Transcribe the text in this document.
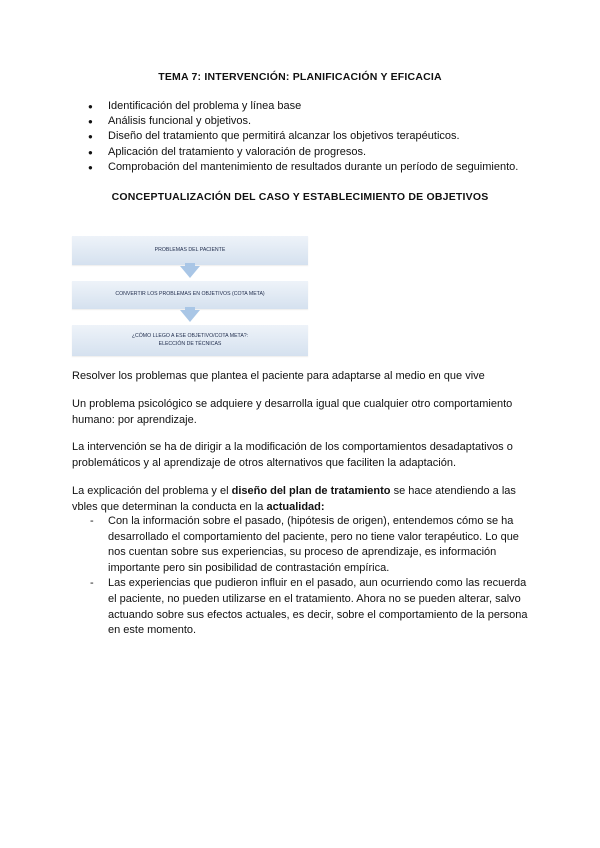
TEMA 7: INTERVENCIÓN: PLANIFICACIÓN Y EFICACIA
● Identificación del problema y línea base
● Análisis funcional y objetivos.
● Diseño del tratamiento que permitirá alcanzar los objetivos terapéuticos.
● Aplicación del tratamiento y valoración de progresos.
● Comprobación del mantenimiento de resultados durante un período de seguimiento.
CONCEPTUALIZACIÓN DEL CASO Y ESTABLECIMIENTO DE OBJETIVOS
PROBLEMAS DEL PACIENTE
CONVERTIR LOS PROBLEMAS EN OBJETIVOS (COTA META)
¿CÓMO LLEGO A ESE OBJETIVO/COTA META?:
ELECCIÓN DE TÉCNICAS

Resolver los problemas que plantea el paciente para adaptarse al medio en que vive

Un problema psicológico se adquiere y desarrolla igual que cualquier otro comportamiento humano: por aprendizaje.

La intervención se ha de dirigir a la modificación de los comportamientos desadaptativos o problemáticos y al aprendizaje de otros alternativos que faciliten la adaptación.

La explicación del problema y el diseño del plan de tratamiento se hace atendiendo a las vbles que determinan la conducta en la actualidad:

- Con la información sobre el pasado, (hipótesis de origen), entendemos cómo se ha desarrollado el comportamiento del paciente, pero no tiene valor terapéutico. Lo que nos cuentan sobre sus experiencias, su proceso de aprendizaje, es información importante pero sin posibilidad de contrastación empírica.
- Las experiencias que pudieron influir en el pasado, aun ocurriendo como las recuerda el paciente, no pueden utilizarse en el tratamiento. Ahora no se pueden alterar, salvo actuando sobre sus efectos actuales, es decir, sobre el comportamiento de la persona en este momento.
